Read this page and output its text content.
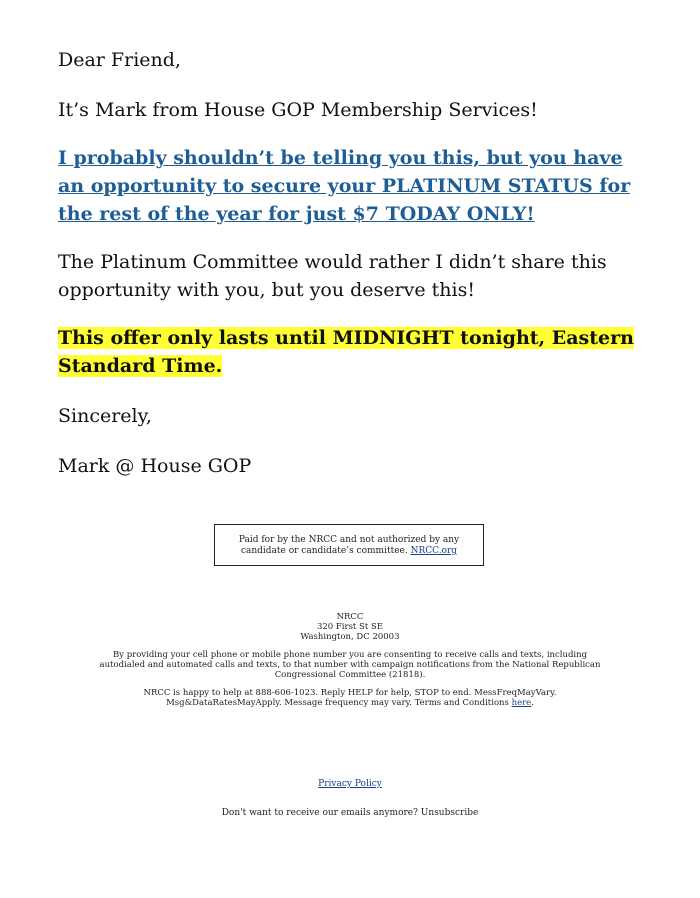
Dear Friend,

It’s Mark from House GOP Membership Services!

I probably shouldn’t be telling you this, but you have an opportunity to secure your PLATINUM STATUS for the rest of the year for just $7 TODAY ONLY!

The Platinum Committee would rather I didn’t share this opportunity with you, but you deserve this!

This offer only lasts until MIDNIGHT tonight, Eastern
Standard Time.

Sincerely,

Mark @ House GOP

Paid for by the NRCC and not authorized by any candidate or candidate’s committee. NRCC.org
NRCC
320 First St SE
Washington, DC 20003
By providing your cell phone or mobile phone number you are consenting to receive calls and texts, including autodialed and automated calls and texts, to that number with campaign notifications from the National Republican Congressional Committee (21818).
NRCC is happy to help at 888-606-1023. Reply HELP for help, STOP to end. MessFreqMayVary. Msg&DataRatesMayApply. Message frequency may vary. Terms and Conditions here.
Privacy Policy
Don't want to receive our emails anymore? Unsubscribe
